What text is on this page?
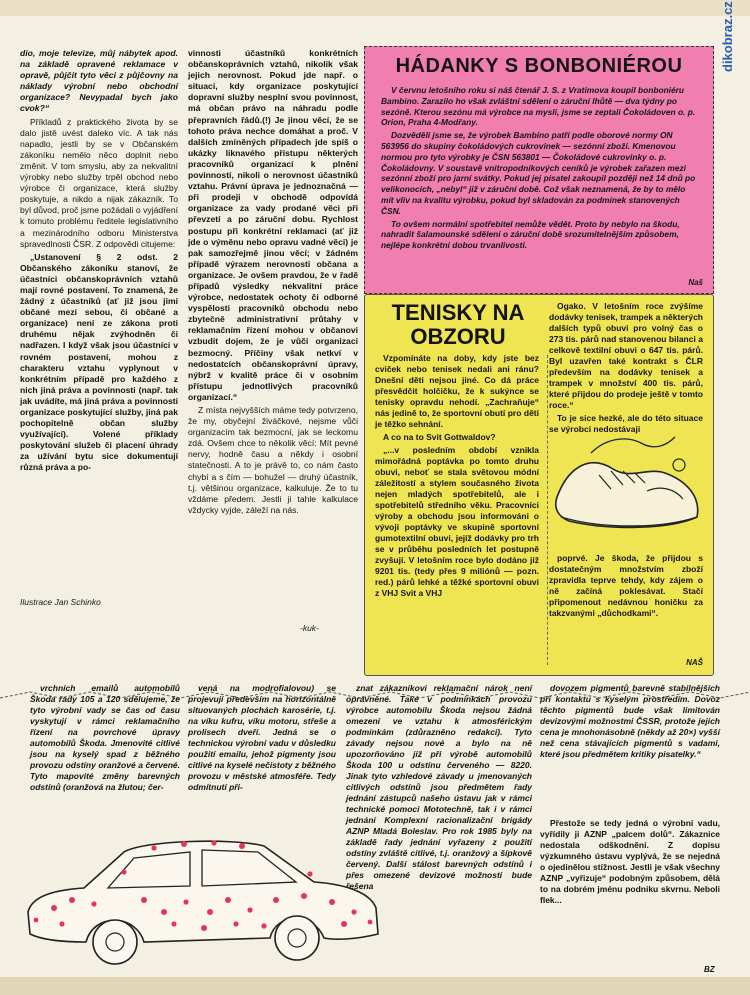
dikobraz.cz

dio, moje televize, můj nábytek apod. na základě opravené reklamace v opravě, půjčit tyto věci z půjčovny na náklady výrobní nebo obchodní organizace? Nevypadal bych jako cvok?“

Příkladů z praktického života by se dalo jistě uvést daleko víc. A tak nás napadlo, jestli by se v Občanském zákoníku nemělo něco doplnit nebo změnit. V tom smyslu, aby za nekvalitní výrobky nebo služby trpěl obchod nebo výrobce či organizace, která služby poskytuje, a nikdo a nijak zákazník. To byl důvod, proč jsme požádali o vyjádření k tomuto problému ředitele legislativního a mezinárodního odboru Ministerstva spravedlnosti ČSR. Z odpovědi citujeme:

„Ustanovení § 2 odst. 2 Občanského zákoníku stanoví, že účastníci občanskoprávních vztahů mají rovné postavení. To znamená, že žádný z účastníků (ať již jsou jimi občané mezi sebou, či občané a organizace) není ze zákona proti druhému nějak zvýhodněn či nadřazen. I když však jsou účastníci v rovném postavení, mohou z charakteru vztahu vyplynout v konkrétním případě pro každého z nich jiná práva a povinnosti (např. tak jak uvádíte, má jiná práva a povinnosti organizace poskytující služby, jiná pak pochopitelně občan služby využívající). Volené příklady poskytování služeb či placení úhrady za užívání bytu sice dokumentují různá práva a po-

vinnosti účastníků konkrétních občanskoprávních vztahů, nikolik však jejich nerovnost. Pokud jde např. o situaci, kdy organizace poskytující dopravní služby nesplní svou povinnost, má občan právo na náhradu podle přepravních řádů.(!) Je jinou věcí, že se tohoto práva nechce domáhat a proč. V dalších zmíněných případech jde spíš o ukázky liknavého přístupu některých pracovníků organizací k plnění povinností, nikoli o nerovnost účastníků vztahu. Právní úprava je jednoznačná — při prodeji v obchodě odpovídá organizace za vady prodané věci při převzetí a po záruční dobu. Rychlost postupu při konkrétní reklamaci (ať již jde o výměnu nebo opravu vadné věci) je pak samozřejmě jinou věcí; v žádném případě výrazem nerovnosti občana a organizace. Je ovšem pravdou, že v řadě případů výsledky nekvalitní práce výrobce, nedostatek ochoty či odborné vyspělosti pracovníků obchodu nebo zbytečně administrativní průtahy v reklamačním řízení mohou v občanovi vzbudit dojem, že je vůči organizaci bezmocný. Příčiny však netkví v nedostatcích občanskoprávní úpravy, nýbrž v kvalitě práce či v osobním přístupu jednotlivých pracovníků organizací.“

Z místa nejvyšších máme tedy potvrzeno, že my, obyčejní živáčkové, nejsme vůči organizacím tak bezmocní, jak se leckomu zdá. Ovšem chce to několik věcí: Mít pevné nervy, hodně času a někdy i osobní statečnosti. A to je právě to, co nám často chybí a s čím — bohužel — druhý účastník, t.j. většinou organizace, kalkuluje. Že to tu vždáme předem. Jestli ji tahle kalkulace vždycky vyjde, záleží na nás.

Ilustrace Jan Schinko
-kuk-
HÁDANKY S BONBONIÉROU

V červnu letošního roku si náš čtenář J. S. z Vratimova koupil bonboniéru Bambino. Zarazilo ho však zvláštní sdělení o záruční lhůtě — dva týdny po sezóně. Kterou sezónu má výrobce na mysli, jsme se zeptali Čokoládoven o. p. Orion, Praha 4-Modřany.

Dozvěděli jsme se, že výrobek Bambino patří podle oborové normy ON 563956 do skupiny čokoládových cukrovinek — sezónní zboží. Kmenovou normou pro tyto výrobky je ČSN 563801 — Čokoládové cukrovinky o. p. Čokoládovny. V soustavě vnitropodnikových ceníků je výrobek zařazen mezi sezónní zboží pro jarní svátky. Pokud jej pisatel zakoupil později než 14 dnů po velikonocích, „nebyl“ již v záruční době. Což však neznamená, že by to mělo mít vliv na kvalitu výrobku, pokud byl skladován za podmínek stanovených ČSN.

To ovšem normální spotřebitel nemůže vědět. Proto by nebylo na škodu, nahradit šalamounské sdělení o záruční době srozumitelnějším způsobem, nejlépe konkrétní dobou trvanlivosti.

Naš
TENISKY NA OBZORU

Vzpomínáte na doby, kdy jste bez cviček nebo tenisek nedali ani ránu? Dnešní děti nejsou jiné. Co dá práce přesvědčit holčičku, že k sukýnce se tenisky opravdu nehodí. „Zachraňuje“ nás jedině to, že sportovní obutí pro děti je těžko sehnání.

A co na to Svit Gottwaldov?

„...v posledním období vznikla mimořádná poptávka po tomto druhu obuvi, neboť se stala světovou módní záležitostí a stylem současného života nejen mladých spotřebitelů, ale i spotřebitelů středního věku. Pracovníci výroby a obchodu jsou informováni o vývoji poptávky ve skupině sportovní gumotextilní obuvi, jejíž dodávky pro trh se v průběhu posledních let postupně zvyšují. V letošním roce bylo dodáno již 9201 tis. (tedy přes 9 miliónů — pozn. red.) párů lehké a těžké sportovní obuvi z VHJ Svit a VHJ

Ogako. V letošním roce zvýšíme dodávky tenisek, trampek a některých dalších typů obuvi pro volný čas o 273 tis. párů nad stanovenou bilanci a celkově textilní obuvi o 647 tis. párů. Byl uzavřen také kontrakt s ČLR především na dodávky tenisek a trampek v množství 400 tis. párů, které přijdou do prodeje ještě v tomto roce.“

To je sice hezké, ale do této situace se výrobci nedostávají

poprvé. Je škoda, že přijdou s dostatečným množstvím zboží zpravidla teprve tehdy, kdy zájem o ně začíná poklesávat. Stačí připomenout nedávnou honičku za takzvanými „důchodkami“.

NAŠ

vrchních emailů automobilů Škoda řady 105 a 120 sdělujeme, že tyto výrobní vady se čas od času vyskytují v rámci reklamačního řízení na povrchové úpravy automobilů Škoda. Jmenovité citlivé jsou na kyselý spad z běžného provozu odstíny oranžové a červené. Tyto mapovité změny barevných odstínů (oranžová na žlutou; čer-

vená na modrofialovou) se projevují především na horizontálně situovaných plochách karosérie, t.j. na víku kufru, víku motoru, střeše a prolisech dveří. Jedná se o technickou výrobní vadu v důsledku použití emailu, jehož pigmenty jsou citlivé na kyselé nečistoty z běžného provozu v městské atmosféře. Tedy odmítnutí při-

znat zákazníkovi reklamační nárok není oprávněné. Také v podmínkách provozu výrobce automobilu Škoda nejsou žádná omezení ve vztahu k atmosférickým podmínkám (zdůrazněno redakcí). Tyto závady nejsou nové a bylo na ně upozorňováno již při výrobě automobilů Škoda 100 u odstínu červeného — 8220. Jinak tyto vzhledové závady u jmenovaných citlivých odstínů jsou předmětem řady jednání zástupců našeho ústavu jak v rámci technické pomoci Mototechně, tak i v rámci jednání Komplexní racionalizační brigády AZNP Mladá Boleslav. Pro rok 1985 byly na základě řady jednání vyřazeny z použití odstíny zvláště citlivé, t.j. oranžový a šípkově červený. Další stálost barevných odstínů i přes omezené devizové možnosti bude řešena

dovozem pigmentů barevně stabilnějších při kontaktu s kyselým prostředím. Dovoz těchto pigmentů bude však limitován devizovými možnostmi ČSSR, protože jejich cena je mnohonásobně (někdy až 20×) vyšší než cena stávajících pigmentů s vadami, které jsou předmětem kritiky pisatelky.“

Přestože se tedy jedná o výrobní vadu, vyřídily ji AZNP „palcem dolů“. Zákaznice nedostala odškodnění. Z dopisu výzkumného ústavu vyplývá, že se nejedná o ojedinělou stížnost. Jestli je však všechny AZNP „vyřizuje“ podobným způsobem, dělá to na dobrém jménu podniku skvrnu. Neboli flek...

BZ
